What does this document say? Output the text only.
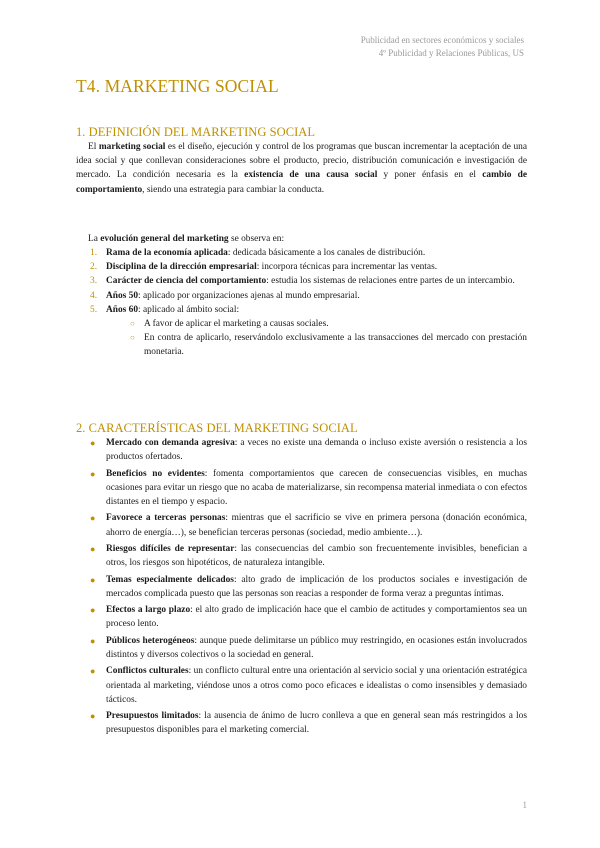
Publicidad en sectores económicos y sociales
4º Publicidad y Relaciones Públicas, US
T4. MARKETING SOCIAL
1. DEFINICIÓN DEL MARKETING SOCIAL

El marketing social es el diseño, ejecución y control de los programas que buscan incrementar la aceptación de una idea social y que conllevan consideraciones sobre el producto, precio, distribución comunicación e investigación de mercado. La condición necesaria es la existencia de una causa social y poner énfasis en el cambio de comportamiento, siendo una estrategia para cambiar la conducta.

La evolución general del marketing se observa en:

1. Rama de la economía aplicada: dedicada básicamente a los canales de distribución.
2. Disciplina de la dirección empresarial: incorpora técnicas para incrementar las ventas.
3. Carácter de ciencia del comportamiento: estudia los sistemas de relaciones entre partes de un intercambio.
4. Años 50: aplicado por organizaciones ajenas al mundo empresarial.
5. Años 60: aplicado al ámbito social:
○ A favor de aplicar el marketing a causas sociales.
○ En contra de aplicarlo, reservándolo exclusivamente a las transacciones del mercado con prestación monetaria.
2. CARACTERÍSTICAS DEL MARKETING SOCIAL
● Mercado con demanda agresiva: a veces no existe una demanda o incluso existe aversión o resistencia a los productos ofertados.
● Beneficios no evidentes: fomenta comportamientos que carecen de consecuencias visibles, en muchas ocasiones para evitar un riesgo que no acaba de materializarse, sin recompensa material inmediata o con efectos distantes en el tiempo y espacio.
● Favorece a terceras personas: mientras que el sacrificio se vive en primera persona (donación económica, ahorro de energía…), se benefician terceras personas (sociedad, medio ambiente…).
● Riesgos difíciles de representar: las consecuencias del cambio son frecuentemente invisibles, benefician a otros, los riesgos son hipotéticos, de naturaleza intangible.
● Temas especialmente delicados: alto grado de implicación de los productos sociales e investigación de mercados complicada puesto que las personas son reacias a responder de forma veraz a preguntas íntimas.
● Efectos a largo plazo: el alto grado de implicación hace que el cambio de actitudes y comportamientos sea un proceso lento.
● Públicos heterogéneos: aunque puede delimitarse un público muy restringido, en ocasiones están involucrados distintos y diversos colectivos o la sociedad en general.
● Conflictos culturales: un conflicto cultural entre una orientación al servicio social y una orientación estratégica orientada al marketing, viéndose unos a otros como poco eficaces e idealistas o como insensibles y demasiado tácticos.
● Presupuestos limitados: la ausencia de ánimo de lucro conlleva a que en general sean más restringidos a los presupuestos disponibles para el marketing comercial.
1
